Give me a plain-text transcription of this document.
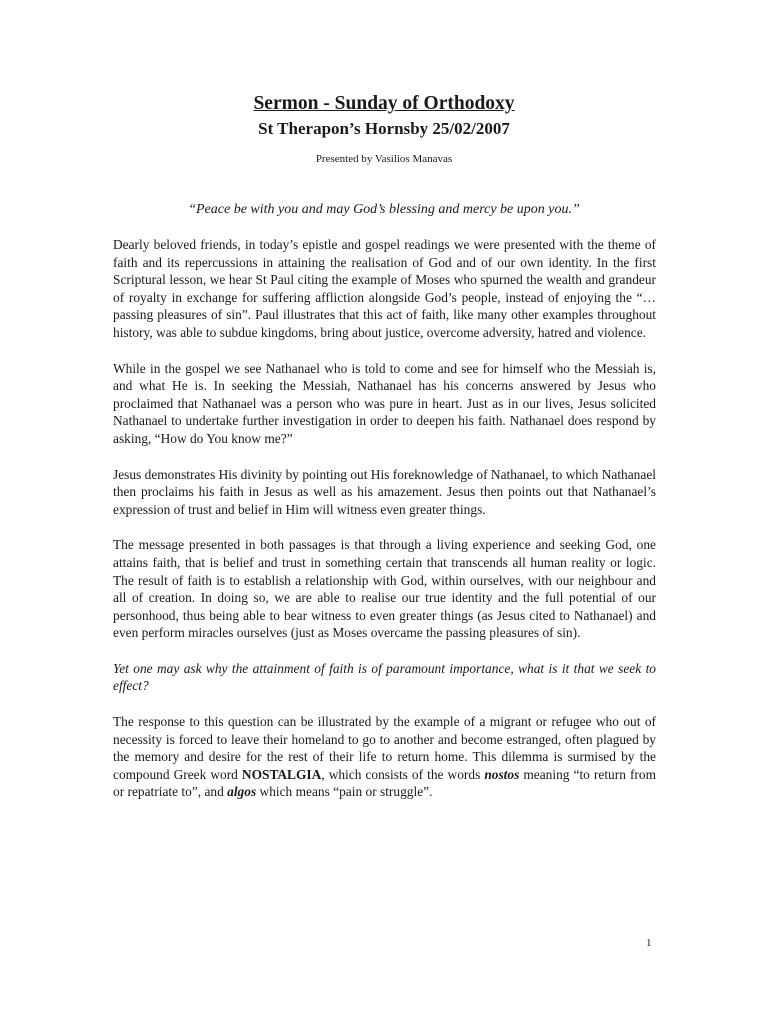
Sermon - Sunday of Orthodoxy
St Therapon’s Hornsby 25/02/2007
Presented by Vasilios Manavas
“Peace be with you and may God’s blessing and mercy be upon you.”

Dearly beloved friends, in today’s epistle and gospel readings we were presented with the theme of faith and its repercussions in attaining the realisation of God and of our own identity. In the first Scriptural lesson, we hear St Paul citing the example of Moses who spurned the wealth and grandeur of royalty in exchange for suffering affliction alongside God’s people, instead of enjoying the “…passing pleasures of sin”. Paul illustrates that this act of faith, like many other examples throughout history, was able to subdue kingdoms, bring about justice, overcome adversity, hatred and violence.

While in the gospel we see Nathanael who is told to come and see for himself who the Messiah is, and what He is. In seeking the Messiah, Nathanael has his concerns answered by Jesus who proclaimed that Nathanael was a person who was pure in heart. Just as in our lives, Jesus solicited Nathanael to undertake further investigation in order to deepen his faith. Nathanael does respond by asking, “How do You know me?”

Jesus demonstrates His divinity by pointing out His foreknowledge of Nathanael, to which Nathanael then proclaims his faith in Jesus as well as his amazement. Jesus then points out that Nathanael’s expression of trust and belief in Him will witness even greater things.

The message presented in both passages is that through a living experience and seeking God, one attains faith, that is belief and trust in something certain that transcends all human reality or logic. The result of faith is to establish a relationship with God, within ourselves, with our neighbour and all of creation. In doing so, we are able to realise our true identity and the full potential of our personhood, thus being able to bear witness to even greater things (as Jesus cited to Nathanael) and even perform miracles ourselves (just as Moses overcame the passing pleasures of sin).

Yet one may ask why the attainment of faith is of paramount importance, what is it that we seek to effect?

The response to this question can be illustrated by the example of a migrant or refugee who out of necessity is forced to leave their homeland to go to another and become estranged, often plagued by the memory and desire for the rest of their life to return home. This dilemma is surmised by the compound Greek word NOSTALGIA, which consists of the words nostos meaning “to return from or repatriate to”, and algos which means “pain or struggle”.

1
